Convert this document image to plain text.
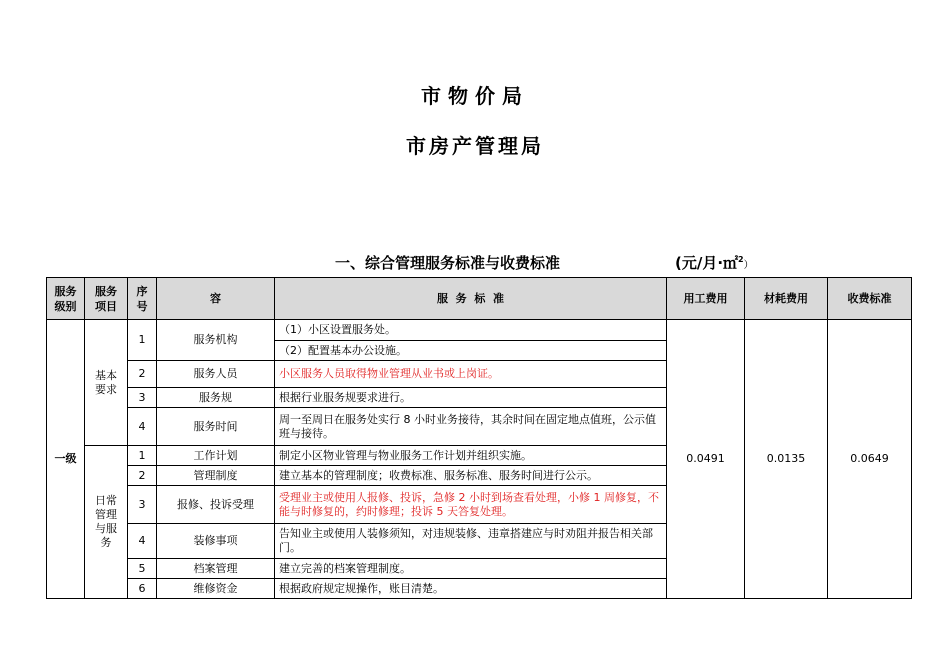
市物价局
市房产管理局
一、综合管理服务标准与收费标准	(元/月·㎡$^2$）
服务级别	服务项目	序号	容	服  务  标  准	用工费用	材耗费用	收费标准
一级	基本要求	1	服务机构	（1）小区设置服务处。	0.0491	0.0135	0.0649
				（2）配置基本办公设施。			
		2	服务人员	小区服务人员取得物业管理从业书或上岗证。			
		3	服务规	根据行业服务规要求进行。			
		4	服务时间	周一至周日在服务处实行 8 小时业务接待，其余时间在固定地点值班，公示值班与接待。			
	日常管理与服务	1	工作计划	制定小区物业管理与物业服务工作计划并组织实施。			
		2	管理制度	建立基本的管理制度；收费标准、服务标准、服务时间进行公示。			
		3	报修、投诉受理	受理业主或使用人报修、投诉，急修 2 小时到场查看处理，小修 1 周修复，不能与时修复的，约时修理；投诉 5 天答复处理。			
		4	装修事项	告知业主或使用人装修须知，对违规装修、违章搭建应与时劝阻并报告相关部门。			
		5	档案管理	建立完善的档案管理制度。			
		6	维修资金	根据政府规定规操作，账目清楚。			
